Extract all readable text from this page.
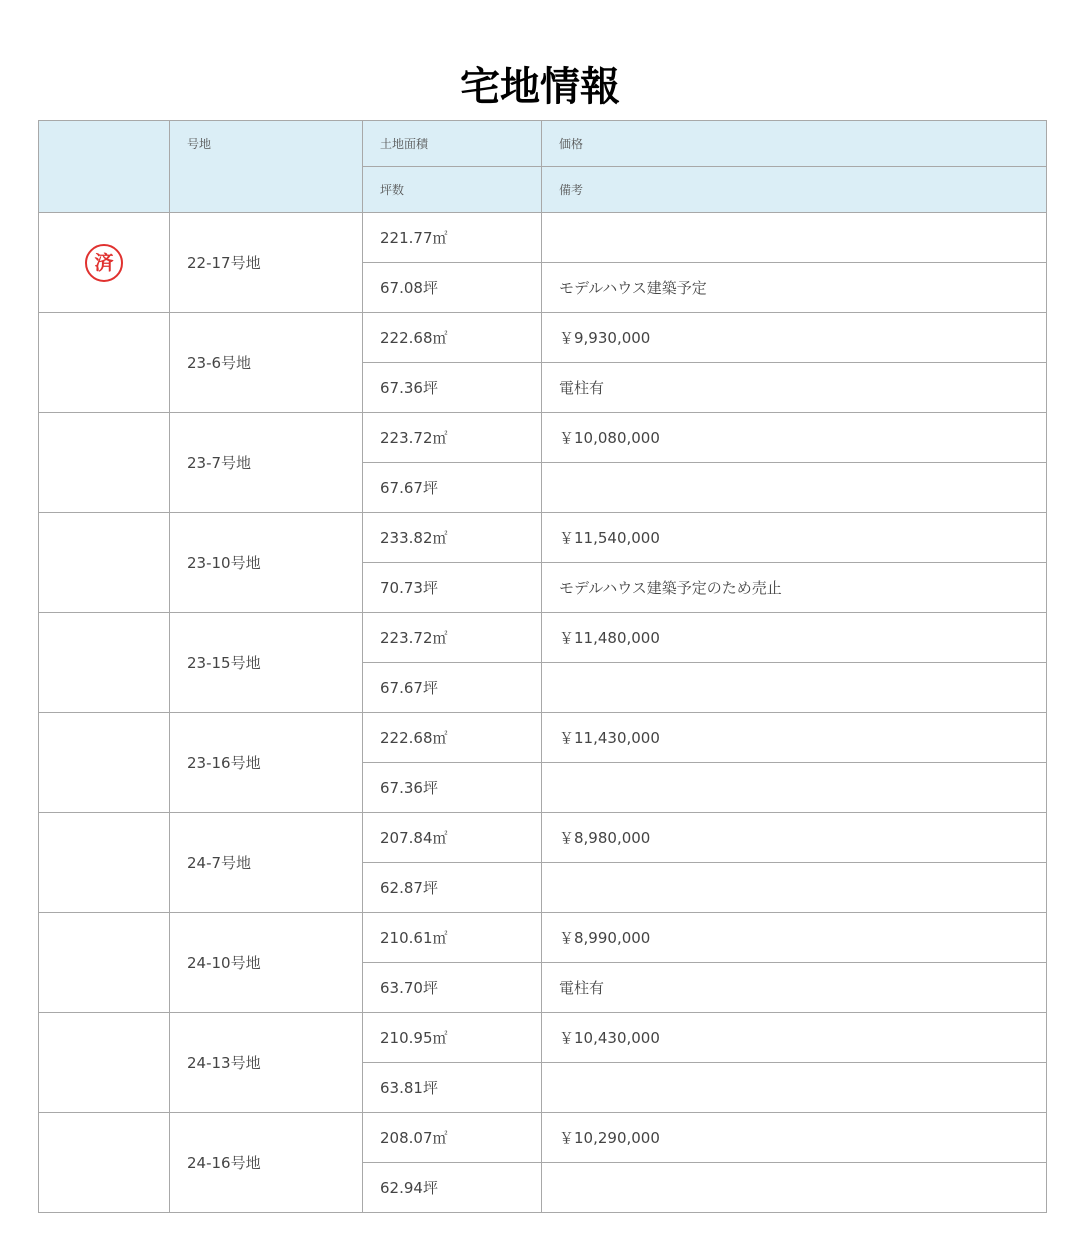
宅地情報
	号地	土地面積	価格
		坪数	備考
済	22-17号地	221.77㎡	
		67.08坪	モデルハウス建築予定
	23-6号地	222.68㎡	￥9,930,000
		67.36坪	電柱有
	23-7号地	223.72㎡	￥10,080,000
		67.67坪	
	23-10号地	233.82㎡	￥11,540,000
		70.73坪	モデルハウス建築予定のため売止
	23-15号地	223.72㎡	￥11,480,000
		67.67坪	
	23-16号地	222.68㎡	￥11,430,000
		67.36坪	
	24-7号地	207.84㎡	￥8,980,000
		62.87坪	
	24-10号地	210.61㎡	￥8,990,000
		63.70坪	電柱有
	24-13号地	210.95㎡	￥10,430,000
		63.81坪	
	24-16号地	208.07㎡	￥10,290,000
		62.94坪	
